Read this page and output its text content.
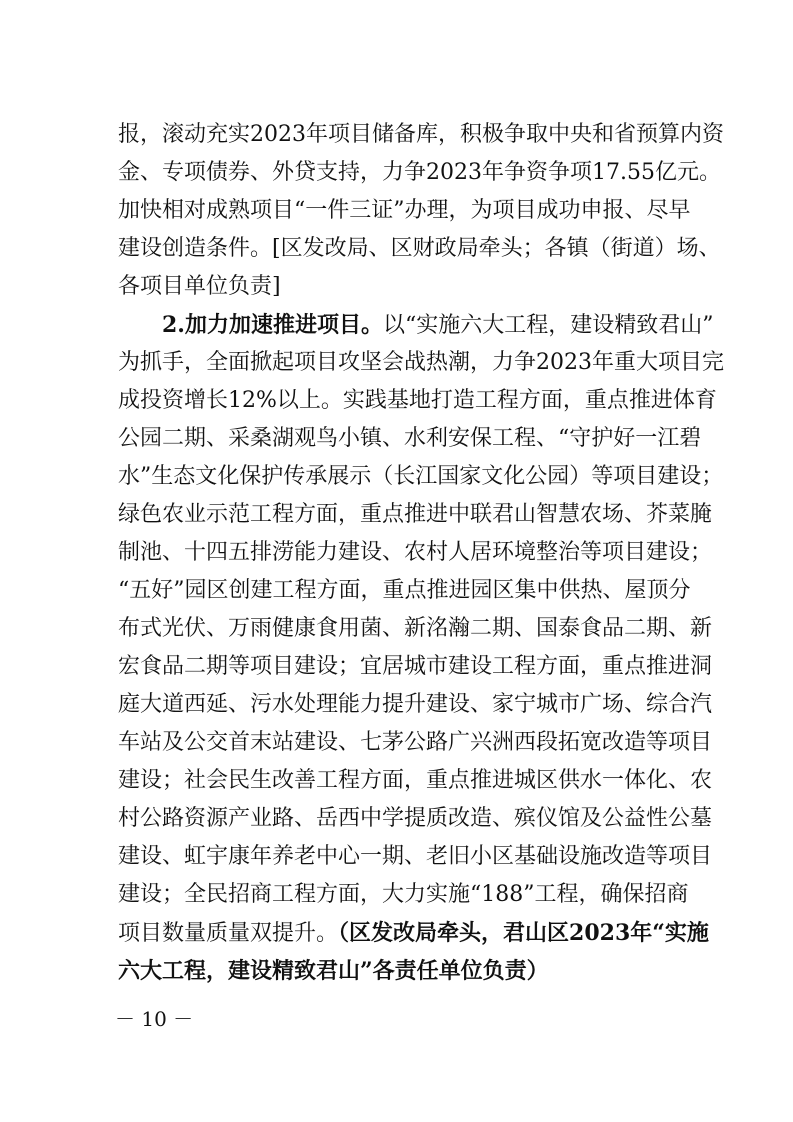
报，滚动充实2023年项目储备库，积极争取中央和省预算内资
金、专项债券、外贷支持，力争2023年争资争项17.55亿元。
加快相对成熟项目“一件三证”办理，为项目成功申报、尽早
建设创造条件。[区发改局、区财政局牵头；各镇（街道）场、
各项目单位负责]
2.加力加速推进项目。以“实施六大工程，建设精致君山”
为抓手，全面掀起项目攻坚会战热潮，力争2023年重大项目完
成投资增长12%以上。实践基地打造工程方面，重点推进体育
公园二期、采桑湖观鸟小镇、水利安保工程、“守护好一江碧
水”生态文化保护传承展示（长江国家文化公园）等项目建设；
绿色农业示范工程方面，重点推进中联君山智慧农场、芥菜腌
制池、十四五排涝能力建设、农村人居环境整治等项目建设；
“五好”园区创建工程方面，重点推进园区集中供热、屋顶分
布式光伏、万雨健康食用菌、新洺瀚二期、国泰食品二期、新
宏食品二期等项目建设；宜居城市建设工程方面，重点推进洞
庭大道西延、污水处理能力提升建设、家宁城市广场、综合汽
车站及公交首末站建设、七茅公路广兴洲西段拓宽改造等项目
建设；社会民生改善工程方面，重点推进城区供水一体化、农
村公路资源产业路、岳西中学提质改造、殡仪馆及公益性公墓
建设、虹宇康年养老中心一期、老旧小区基础设施改造等项目
建设；全民招商工程方面，大力实施“188”工程，确保招商
项目数量质量双提升。（区发改局牵头，君山区2023年“实施
六大工程，建设精致君山”各责任单位负责）
－ 10 －
